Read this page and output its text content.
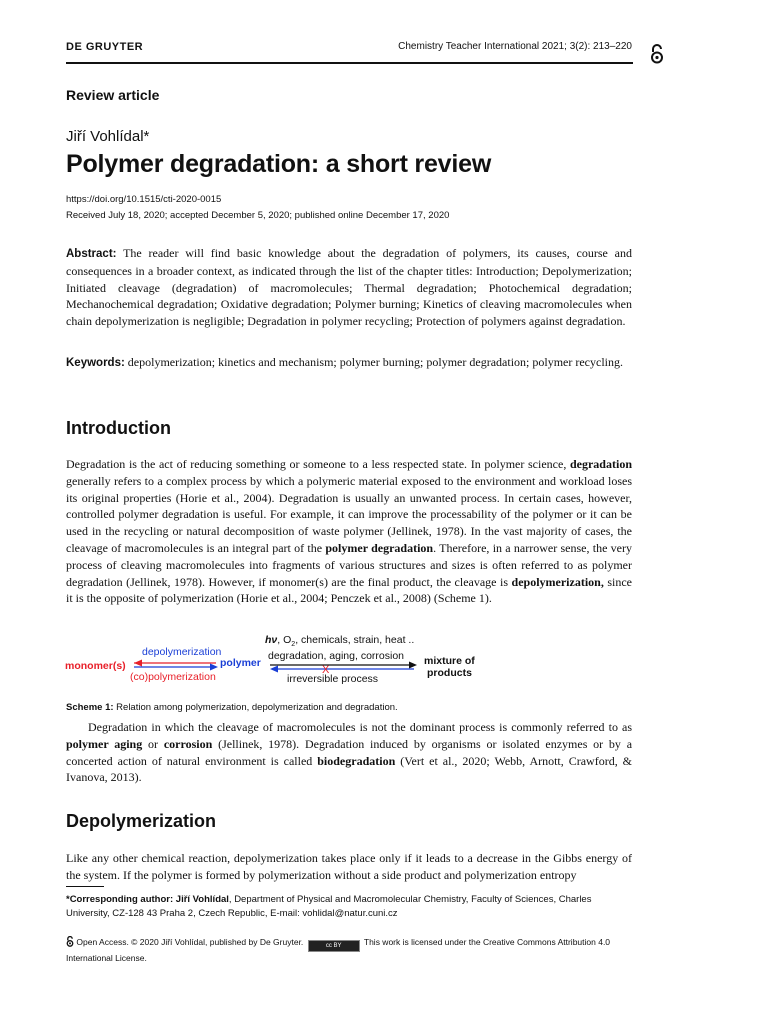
DE GRUYTER	Chemistry Teacher International 2021; 3(2): 213–220
Review article
Jiří Vohlídal*
Polymer degradation: a short review
https://doi.org/10.1515/cti-2020-0015
Received July 18, 2020; accepted December 5, 2020; published online December 17, 2020
Abstract: The reader will find basic knowledge about the degradation of polymers, its causes, course and consequences in a broader context, as indicated through the list of the chapter titles: Introduction; Depolymerization; Initiated cleavage (degradation) of macromolecules; Thermal degradation; Photochemical degradation; Mechanochemical degradation; Oxidative degradation; Polymer burning; Kinetics of cleaving macromolecules when chain depolymerization is negligible; Degradation in polymer recycling; Protection of polymers against degradation.
Keywords: depolymerization; kinetics and mechanism; polymer burning; polymer degradation; polymer recycling.
Introduction
Degradation is the act of reducing something or someone to a less respected state. In polymer science, degradation generally refers to a complex process by which a polymeric material exposed to the environment and workload loses its original properties (Horie et al., 2004). Degradation is usually an unwanted process. In certain cases, however, controlled polymer degradation is useful. For example, it can improve the processability of the polymer or it can be used in the recycling or natural decomposition of waste polymer (Jellinek, 1978). In the vast majority of cases, the cleavage of macromolecules is an integral part of the polymer degradation. Therefore, in a narrower sense, the very process of cleaving macromolecules into fragments of various structures and sizes is often referred to as polymer degradation (Jellinek, 1978). However, if monomer(s) are the final product, the cleavage is depolymerization, since it is the opposite of polymerization (Horie et al., 2004; Penczek et al., 2008) (Scheme 1).
monomer(s)
depolymerization
(co)polymerization
polymer
hν, $O_2$, chemicals, strain, heat ..
degradation, aging, corrosion
X
irreversible process
mixture of
products
Scheme 1: Relation among polymerization, depolymerization and degradation.
Degradation in which the cleavage of macromolecules is not the dominant process is commonly referred to as polymer aging or corrosion (Jellinek, 1978). Degradation induced by organisms or isolated enzymes or by a concerted action of natural environment is called biodegradation (Vert et al., 2020; Webb, Arnott, Crawford, & Ivanova, 2013).
Depolymerization
Like any other chemical reaction, depolymerization takes place only if it leads to a decrease in the Gibbs energy of the system. If the polymer is formed by polymerization without a side product and polymerization entropy
*Corresponding author: Jiří Vohlídal, Department of Physical and Macromolecular Chemistry, Faculty of Sciences, Charles University, CZ-128 43 Praha 2, Czech Republic, E-mail: vohlidal@natur.cuni.cz
Open Access. © 2020 Jiří Vohlídal, published by De Gruyter.	cc BY	This work is licensed under the Creative Commons Attribution 4.0 International License.
